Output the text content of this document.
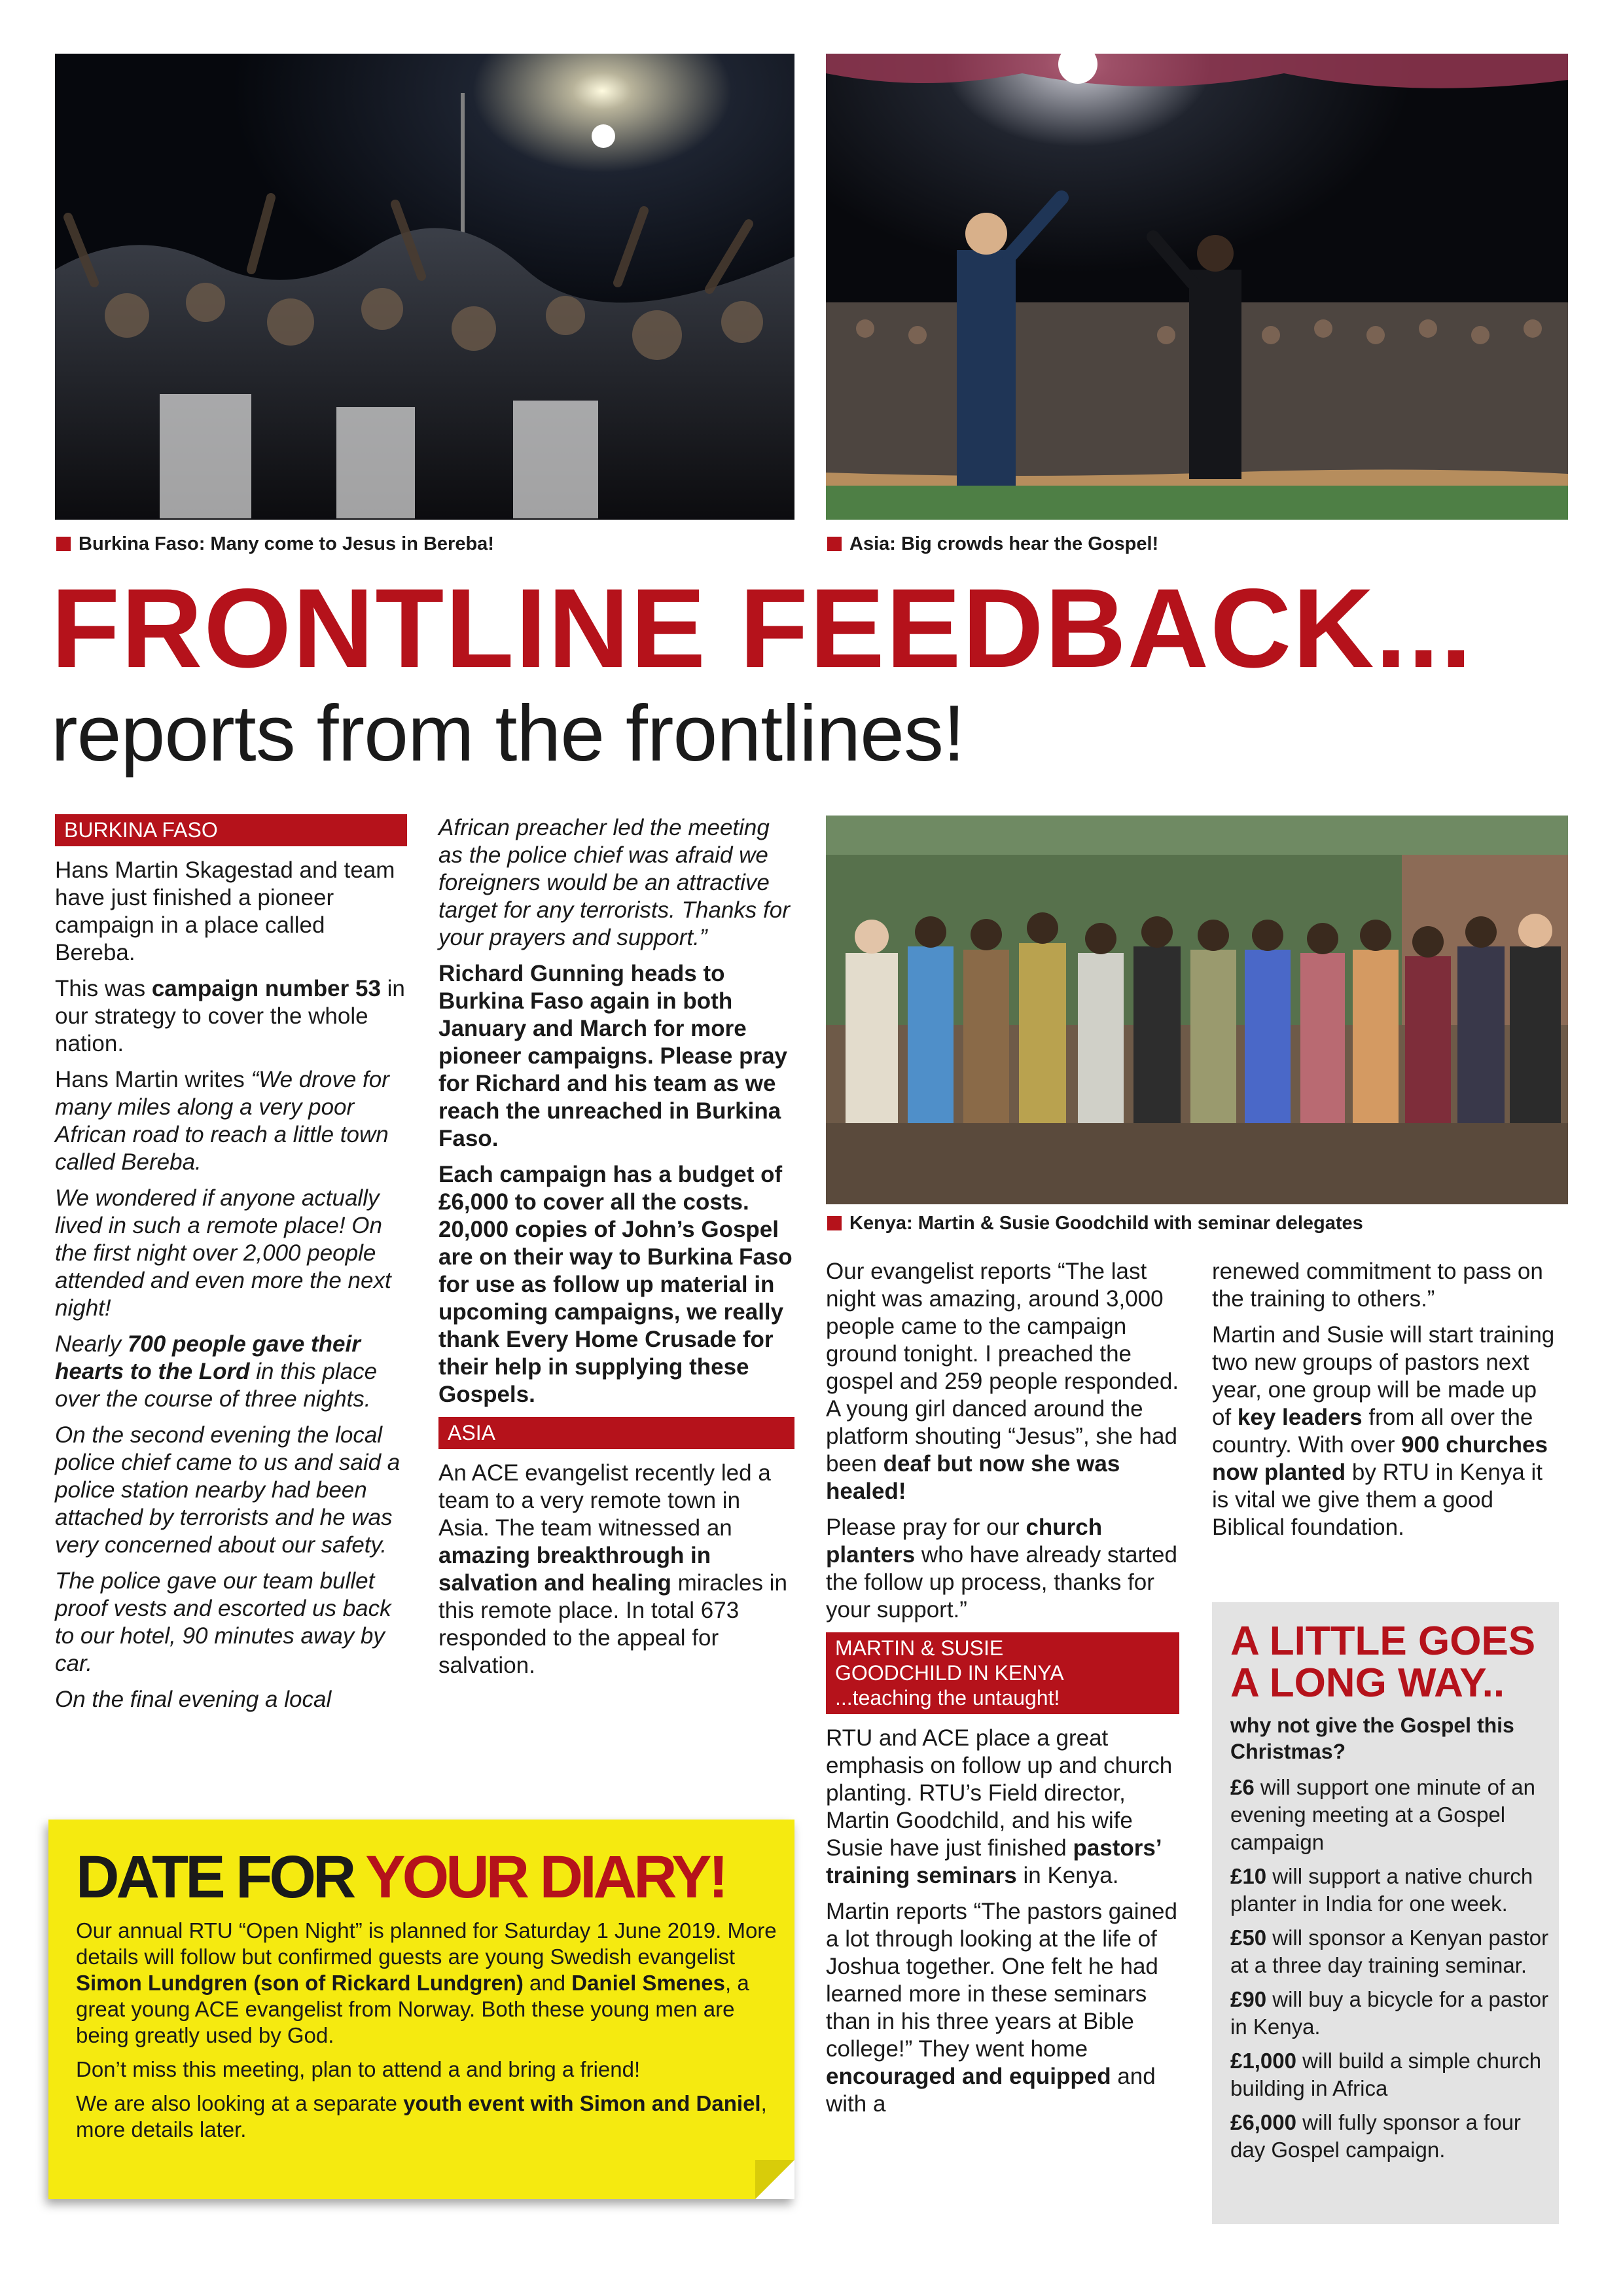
Burkina Faso: Many come to Jesus in Bereba!	Asia: Big crowds hear the Gospel!
FRONTLINE FEEDBACK...
reports from the frontlines!
BURKINA FASO

Hans Martin Skagestad and team have just finished a pioneer campaign in a place called Bereba.

This was campaign number 53 in our strategy to cover the whole nation.

Hans Martin writes “We drove for many miles along a very poor African road to reach a little town called Bereba.

We wondered if anyone actually lived in such a remote place! On the first night over 2,000 people attended and even more the next night!

Nearly 700 people gave their hearts to the Lord in this place over the course of three nights.

On the second evening the local police chief came to us and said a police station nearby had been attached by terrorists and he was very concerned about our safety.

The police gave our team bullet proof vests and escorted us back to our hotel, 90 minutes away by car.

On the final evening a local

African preacher led the meeting as the police chief was afraid we foreigners would be an attractive target for any terrorists. Thanks for your prayers and support.”

Richard Gunning heads to Burkina Faso again in both January and March for more pioneer campaigns. Please pray for Richard and his team as we reach the unreached in Burkina Faso.

Each campaign has a budget of £6,000 to cover all the costs. 20,000 copies of John’s Gospel are on their way to Burkina Faso for use as follow up material in upcoming campaigns, we really thank Every Home Crusade for their help in supplying these Gospels.

ASIA

An ACE evangelist recently led a team to a very remote town in Asia. The team witnessed an amazing breakthrough in salvation and healing miracles in this remote place. In total 673 responded to the appeal for salvation.

Kenya: Martin & Susie Goodchild with seminar delegates

Our evangelist reports “The last night was amazing, around 3,000 people came to the campaign ground tonight. I preached the gospel and 259 people responded. A young girl danced around the platform shouting “Jesus”, she had been deaf but now she was healed!

Please pray for our church planters who have already started the follow up process, thanks for your support.”

MARTIN & SUSIE
GOODCHILD IN KENYA
...teaching the untaught!

RTU and ACE place a great emphasis on follow up and church planting. RTU’s Field director, Martin Goodchild, and his wife Susie have just finished pastors’ training seminars in Kenya.

Martin reports “The pastors gained a lot through looking at the life of Joshua together. One felt he had learned more in these seminars than in his three years at Bible college!” They went home encouraged and equipped and with a

renewed commitment to pass on the training to others.”

Martin and Susie will start training two new groups of pastors next year, one group will be made up of key leaders from all over the country. With over 900 churches now planted by RTU in Kenya it is vital we give them a good Biblical foundation.

DATE FOR YOUR DIARY!

Our annual RTU “Open Night” is planned for Saturday 1 June 2019. More details will follow but confirmed guests are young Swedish evangelist Simon Lundgren (son of Rickard Lundgren) and Daniel Smenes, a great young ACE evangelist from Norway. Both these young men are being greatly used by God.

Don’t miss this meeting, plan to attend a and bring a friend!

We are also looking at a separate youth event with Simon and Daniel, more details later.

A LITTLE GOES
A LONG WAY..
why not give the Gospel this Christmas?
£6 will support one minute of an evening meeting at a Gospel campaign
£10 will support a native church planter in India for one week.
£50 will sponsor a Kenyan pastor at a three day training seminar.
£90 will buy a bicycle for a pastor in Kenya.
£1,000 will build a simple church building in Africa
£6,000 will fully sponsor a four day Gospel campaign.
